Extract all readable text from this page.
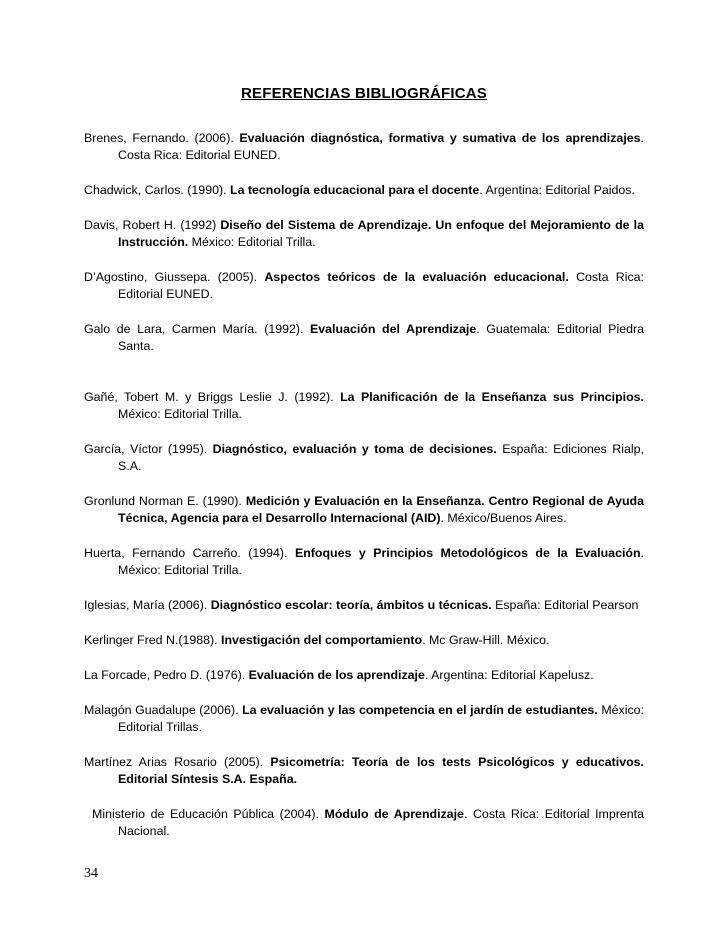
REFERENCIAS BIBLIOGRÁFICAS

Brenes, Fernando. (2006). Evaluación diagnóstica, formativa y sumativa de los aprendizajes. Costa Rica: Editorial EUNED.

Chadwick, Carlos. (1990). La tecnología educacional para el docente. Argentina: Editorial Paidos.

Davis, Robert H. (1992) Diseño del Sistema de Aprendizaje. Un enfoque del Mejoramiento de la Instrucción. México: Editorial Trilla.

D’Agostino, Giussepa. (2005). Aspectos teóricos de la evaluación educacional. Costa Rica: Editorial EUNED.

Galo de Lara, Carmen María. (1992). Evaluación del Aprendizaje. Guatemala: Editorial Piedra Santa.

Gañé, Tobert M. y Briggs Leslie J. (1992). La Planificación de la Enseñanza sus Principios. México: Editorial Trilla.

García, Víctor (1995). Diagnóstico, evaluación y toma de decisiones. España: Ediciones Rialp, S.A.

Gronlund Norman E. (1990). Medición y Evaluación en la Enseñanza. Centro Regional de Ayuda Técnica, Agencia para el Desarrollo Internacional (AID). México/Buenos Aires.

Huerta, Fernando Carreño. (1994). Enfoques y Principios Metodológicos de la Evaluación. México: Editorial Trilla.

Iglesias, María (2006). Diagnóstico escolar: teoría, ámbitos u técnicas. España: Editorial Pearson

Kerlinger Fred N.(1988). Investigación del comportamiento. Mc Graw-Hill. México.

La Forcade, Pedro D. (1976). Evaluación de los aprendizaje. Argentina: Editorial Kapelusz.

Malagón Guadalupe (2006). La evaluación y las competencia en el jardín de estudiantes. México: Editorial Trillas.

Martínez Arias Rosario (2005). Psicometría: Teoría de los tests Psicológicos y educativos. Editorial Síntesis S.A. España.

Ministerio de Educación Pública (2004). Módulo de Aprendizaje. Costa Rica: Editorial Imprenta Nacional.

34
